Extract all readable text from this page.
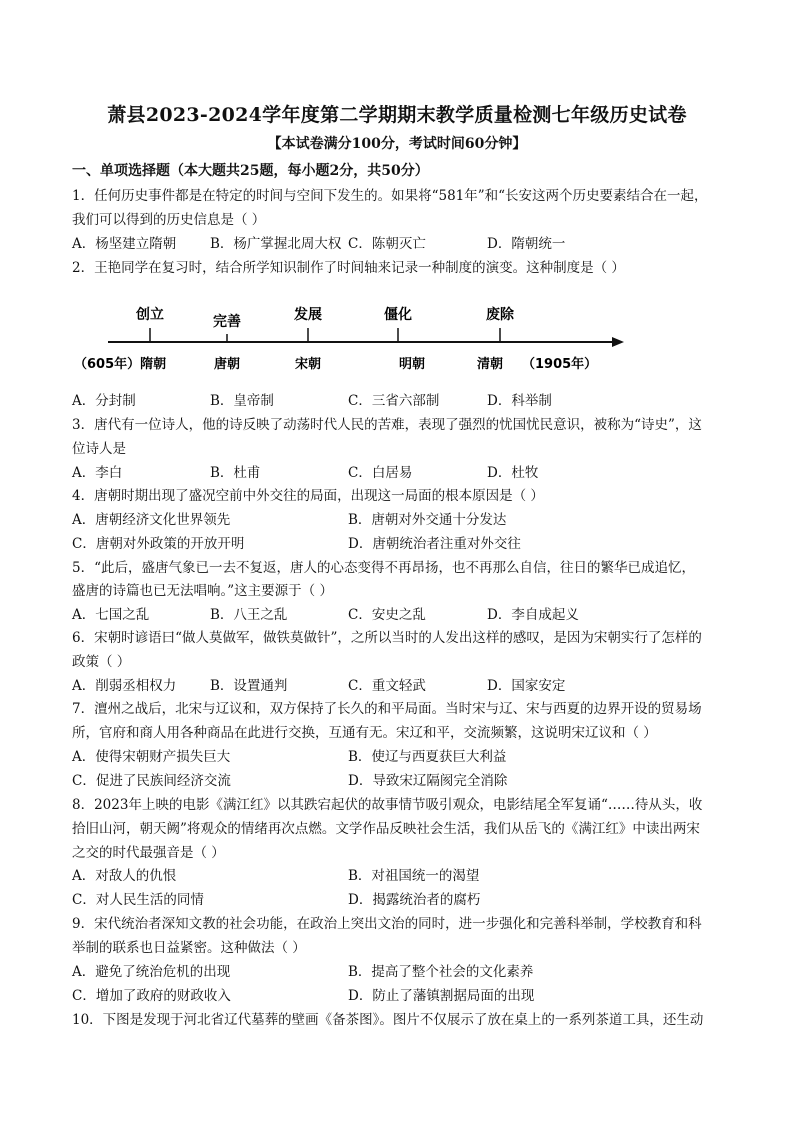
萧县2023-2024学年度第二学期期末教学质量检测七年级历史试卷
【本试卷满分100分，考试时间60分钟】
一、单项选择题（本大题共25题，每小题2分，共50分）
1．任何历史事件都是在特定的时间与空间下发生的。如果将“581年”和“长安这两个历史要素结合在一起，
我们可以得到的历史信息是（ ）
A．杨坚建立隋朝	B．杨广掌握北周大权 C．陈朝灭亡	D．隋朝统一
2．王艳同学在复习时，结合所学知识制作了时间轴来记录一种制度的演变。这种制度是（ ）
创立	完善	发展	僵化	废除
（605年）隋朝	唐朝	宋朝	明朝	清朝 （1905年）
A．分封制	B．皇帝制	C．三省六部制	D．科举制
3．唐代有一位诗人，他的诗反映了动荡时代人民的苦难，表现了强烈的忧国忧民意识，被称为“诗史”，这
位诗人是
A．李白	B．杜甫	C．白居易	D．杜牧
4．唐朝时期出现了盛况空前中外交往的局面，出现这一局面的根本原因是（ ）
A．唐朝经济文化世界领先	B．唐朝对外交通十分发达
C．唐朝对外政策的开放开明	D．唐朝统治者注重对外交往
5．“此后，盛唐气象已一去不复返，唐人的心态变得不再昂扬，也不再那么自信，往日的繁华已成追忆，
盛唐的诗篇也已无法唱响。”这主要源于（ ）
A．七国之乱	B．八王之乱	C．安史之乱	D．李自成起义
6．宋朝时谚语曰“做人莫做军，做铁莫做针”，之所以当时的人发出这样的感叹，是因为宋朝实行了怎样的
政策（ ）
A．削弱丞相权力	B．设置通判	C．重文轻武	D．国家安定
7．澶州之战后，北宋与辽议和，双方保持了长久的和平局面。当时宋与辽、宋与西夏的边界开设的贸易场
所，官府和商人用各种商品在此进行交换，互通有无。宋辽和平，交流频繁，这说明宋辽议和（ ）
A．使得宋朝财产损失巨大	B．使辽与西夏获巨大利益
C．促进了民族间经济交流	D．导致宋辽隔阂完全消除
8．2023年上映的电影《满江红》以其跌宕起伏的故事情节吸引观众，电影结尾全军复诵“……待从头，收
拾旧山河，朝天阙”将观众的情绪再次点燃。文学作品反映社会生活，我们从岳飞的《满江红》中读出两宋
之交的时代最强音是（ ）
A．对敌人的仇恨	B．对祖国统一的渴望
C．对人民生活的同情	D．揭露统治者的腐朽
9．宋代统治者深知文教的社会功能，在政治上突出文治的同时，进一步强化和完善科举制，学校教育和科
举制的联系也日益紧密。这种做法（ ）
A．避免了统治危机的出现	B．提高了整个社会的文化素养
C．增加了政府的财政收入	D．防止了藩镇割据局面的出现
10．下图是发现于河北省辽代墓葬的壁画《备茶图》。图片不仅展示了放在桌上的一系列茶道工具，还生动
